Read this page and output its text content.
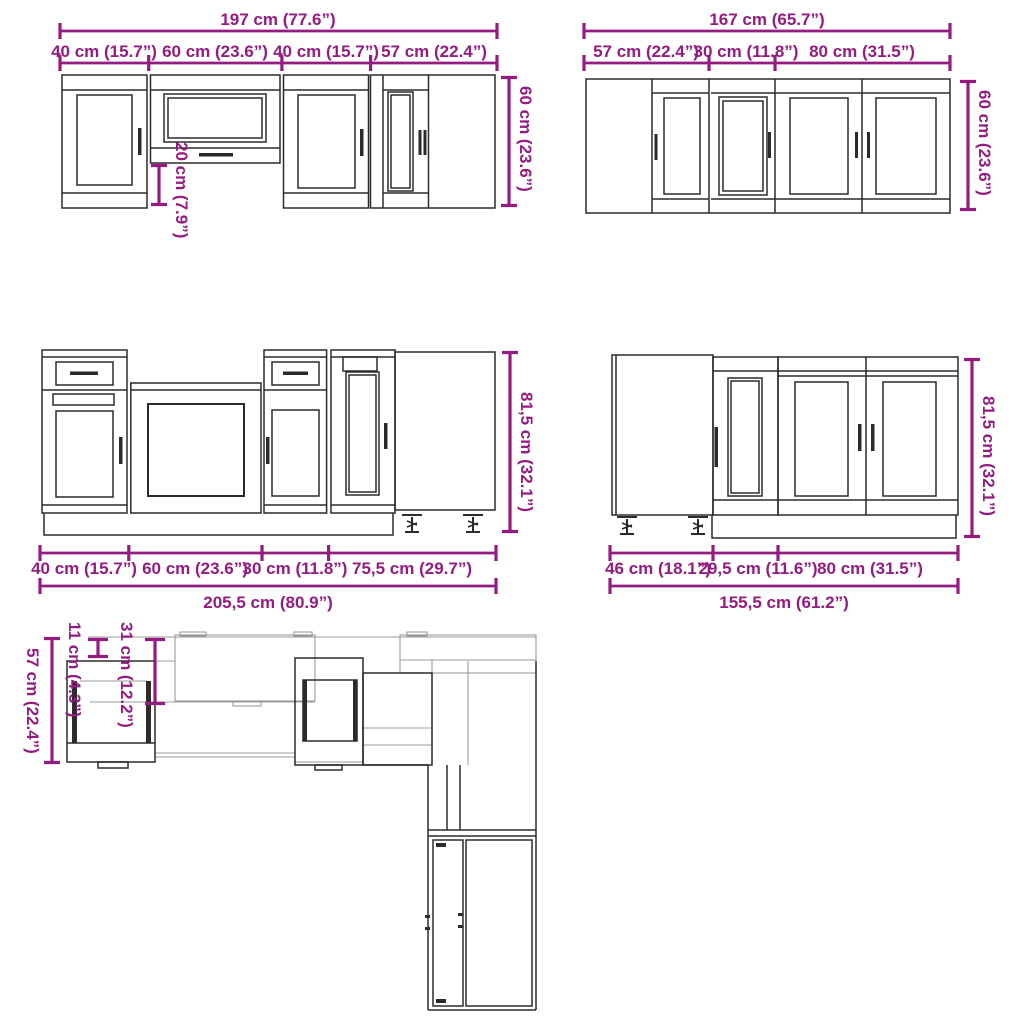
197 cm (77.6”)
40 cm (15.7”) 60 cm (23.6”) 40 cm (15.7”) 57 cm (22.4”)
20 cm (7.9”)	60 cm (23.6”)
167 cm (65.7”)
57 cm (22.4”)
30 cm (11.8”) 80 cm (31.5”)
60 cm (23.6”)
81,5 cm (32.1”)
40 cm (15.7”) 60 cm (23.6”)
30 cm (11.8”) 75,5 cm (29.7”)
205,5 cm (80.9”)
81,5 cm (32.1”)
46 cm (18.1”)
29,5 cm (11.6”) 80 cm (31.5”)
155,5 cm (61.2”)
57 cm (22.4”) 11 cm (4.3”) 31 cm (12.2”)
